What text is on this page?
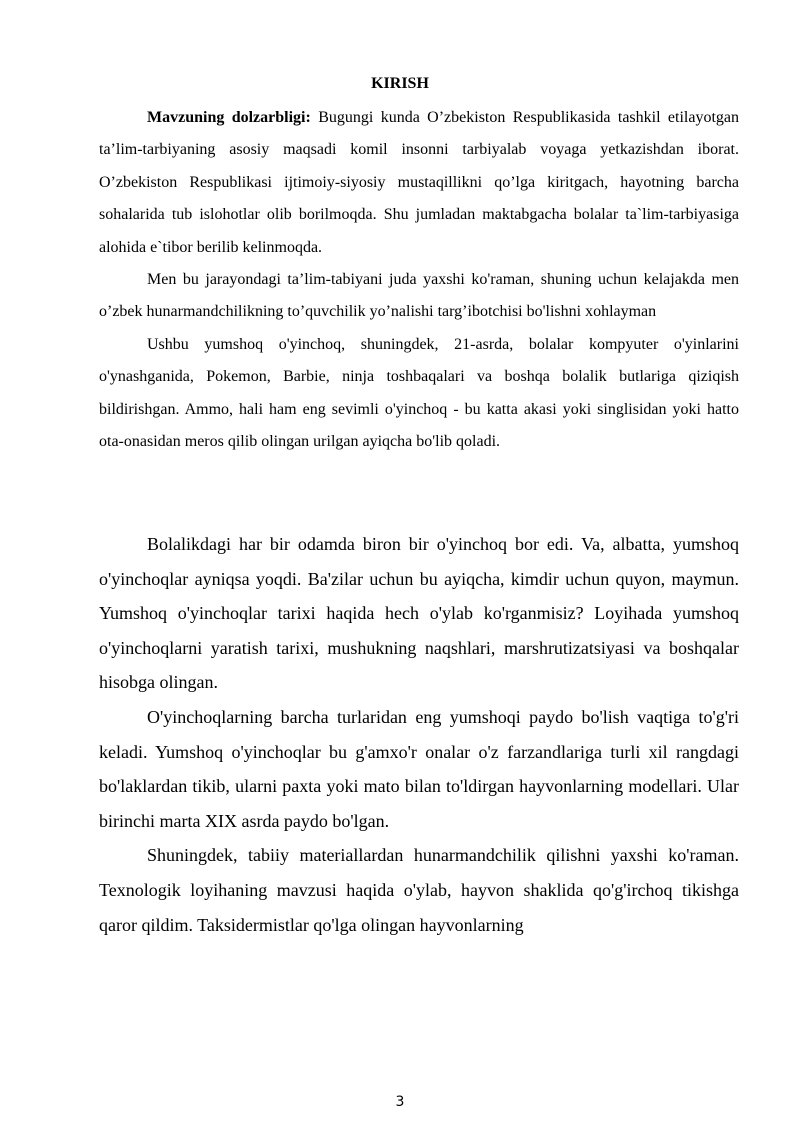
KIRISH

Mavzuning dolzarbligi: Bugungi kunda O’zbekiston Respublikasida tashkil etilayotgan ta’lim-tarbiyaning asosiy maqsadi komil insonni tarbiyalab voyaga yetkazishdan iborat. O’zbekiston Respublikasi ijtimoiy-siyosiy mustaqillikni qo’lga kiritgach, hayotning barcha sohalarida tub islohotlar olib borilmoqda. Shu jumladan maktabgacha bolalar ta`lim-tarbiyasiga alohida e`tibor berilib kelinmoqda.

Men bu jarayondagi ta’lim-tabiyani juda yaxshi ko'raman, shuning uchun kelajakda men o’zbek hunarmandchilikning to’quvchilik yo’nalishi targ’ibotchisi bo'lishni xohlayman

Ushbu yumshoq o'yinchoq, shuningdek, 21-asrda, bolalar kompyuter o'yinlarini o'ynashganida, Pokemon, Barbie, ninja toshbaqalari va boshqa bolalik butlariga qiziqish bildirishgan. Ammo, hali ham eng sevimli o'yinchoq - bu katta akasi yoki singlisidan yoki hatto ota-onasidan meros qilib olingan urilgan ayiqcha bo'lib qoladi.

Bolalikdagi har bir odamda biron bir o'yinchoq bor edi. Va, albatta, yumshoq o'yinchoqlar ayniqsa yoqdi. Ba'zilar uchun bu ayiqcha, kimdir uchun quyon, maymun. Yumshoq o'yinchoqlar tarixi haqida hech o'ylab ko'rganmisiz? Loyihada yumshoq o'yinchoqlarni yaratish tarixi, mushukning naqshlari, marshrutizatsiyasi va boshqalar hisobga olingan.

O'yinchoqlarning barcha turlaridan eng yumshoqi paydo bo'lish vaqtiga to'g'ri keladi. Yumshoq o'yinchoqlar bu g'amxo'r onalar o'z farzandlariga turli xil rangdagi bo'laklardan tikib, ularni paxta yoki mato bilan to'ldirgan hayvonlarning modellari. Ular birinchi marta XIX asrda paydo bo'lgan.

Shuningdek, tabiiy materiallardan hunarmandchilik qilishni yaxshi ko'raman. Texnologik loyihaning mavzusi haqida o'ylab, hayvon shaklida qo'g'irchoq tikishga qaror qildim. Taksidermistlar qo'lga olingan hayvonlarning

3
